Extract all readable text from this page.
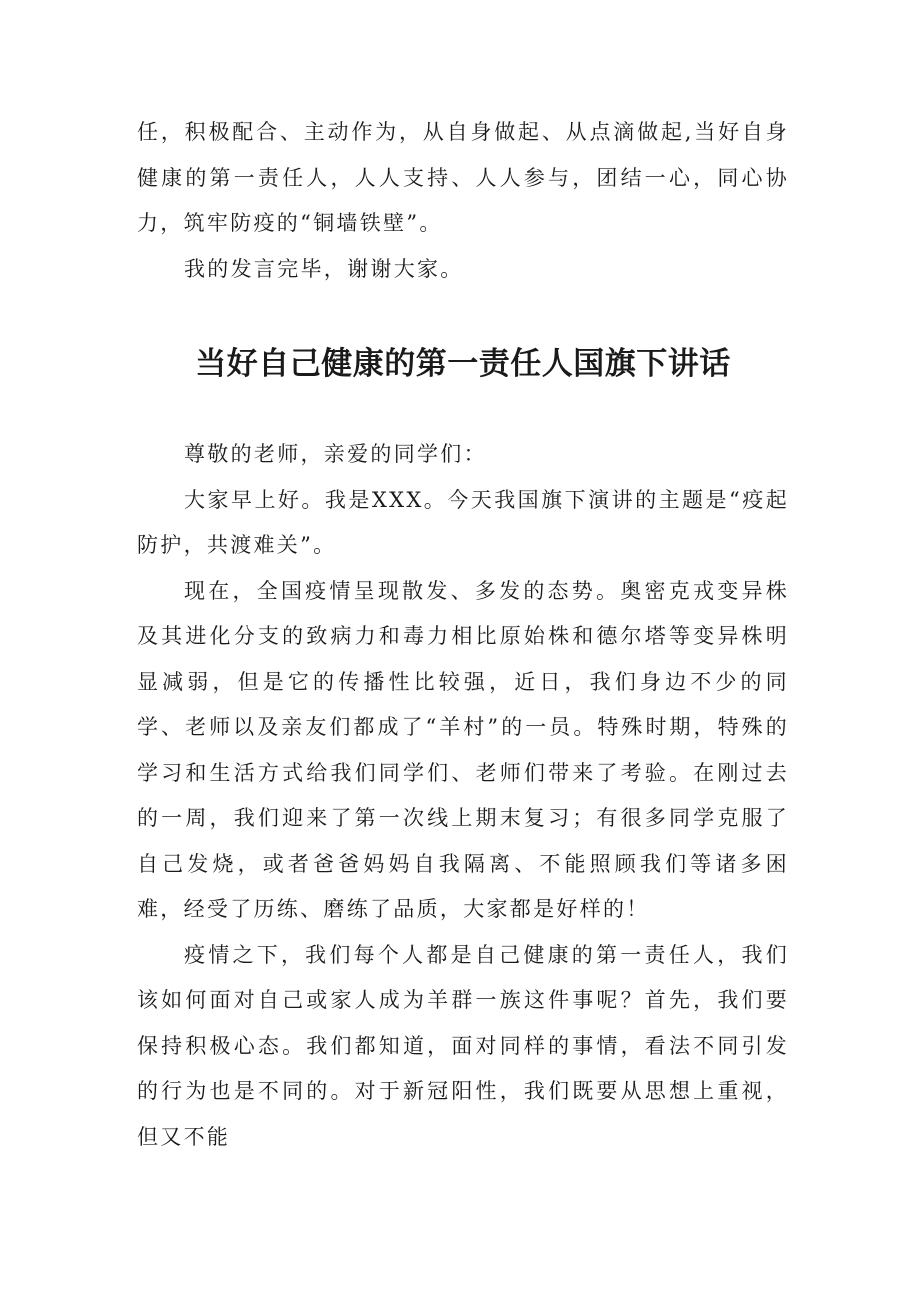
任，积极配合、主动作为，从自身做起、从点滴做起,当好自身健康的第一责任人，人人支持、人人参与，团结一心，同心协力，筑牢防疫的“铜墙铁壁”。

我的发言完毕，谢谢大家。

当好自己健康的第一责任人国旗下讲话

尊敬的老师，亲爱的同学们：

大家早上好。我是XXX。今天我国旗下演讲的主题是“疫起防护，共渡难关”。

现在，全国疫情呈现散发、多发的态势。奥密克戎变异株及其进化分支的致病力和毒力相比原始株和德尔塔等变异株明显减弱，但是它的传播性比较强，近日，我们身边不少的同学、老师以及亲友们都成了“羊村”的一员。特殊时期，特殊的学习和生活方式给我们同学们、老师们带来了考验。在刚过去的一周，我们迎来了第一次线上期末复习；有很多同学克服了自己发烧，或者爸爸妈妈自我隔离、不能照顾我们等诸多困难，经受了历练、磨练了品质，大家都是好样的！

疫情之下，我们每个人都是自己健康的第一责任人，我们该如何面对自己或家人成为羊群一族这件事呢？首先，我们要保持积极心态。我们都知道，面对同样的事情，看法不同引发的行为也是不同的。对于新冠阳性，我们既要从思想上重视，但又不能
